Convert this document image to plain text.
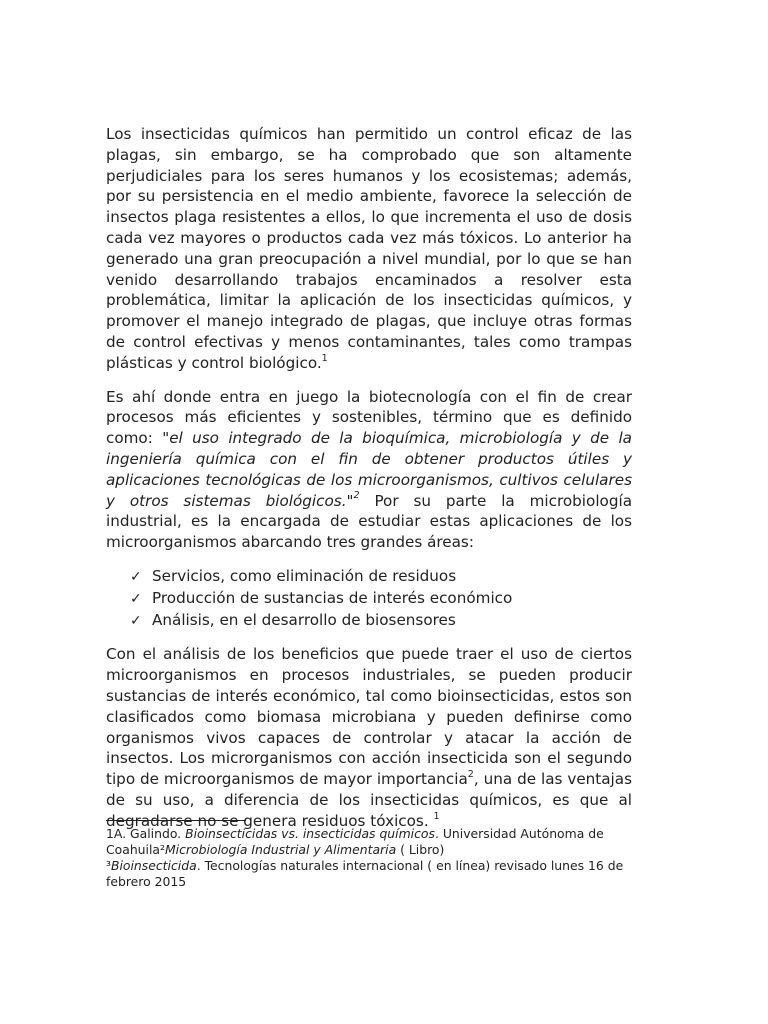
Los insecticidas químicos han permitido un control eficaz de las plagas, sin embargo, se ha comprobado que son altamente perjudiciales para los seres humanos y los ecosistemas; además, por su persistencia en el medio ambiente, favorece la selección de insectos plaga resistentes a ellos, lo que incrementa el uso de dosis cada vez mayores o productos cada vez más tóxicos. Lo anterior ha generado una gran preocupación a nivel mundial, por lo que se han venido desarrollando trabajos encaminados a resolver esta problemática, limitar la aplicación de los insecticidas químicos, y promover el manejo integrado de plagas, que incluye otras formas de control efectivas y menos contaminantes, tales como trampas plásticas y control biológico.$^1$

Es ahí donde entra en juego la biotecnología con el fin de crear procesos más eficientes y sostenibles, término que es definido como: "el uso integrado de la bioquímica, microbiología y de la ingeniería química con el fin de obtener productos útiles y aplicaciones tecnológicas de los microorganismos, cultivos celulares y otros sistemas biológicos."$^2$ Por su parte la microbiología industrial, es la encargada de estudiar estas aplicaciones de los microorganismos abarcando tres grandes áreas:

✓ Servicios, como eliminación de residuos
✓ Producción de sustancias de interés económico
✓ Análisis, en el desarrollo de biosensores

Con el análisis de los beneficios que puede traer el uso de ciertos microorganismos en procesos industriales, se pueden producir sustancias de interés económico, tal como bioinsecticidas, estos son clasificados como biomasa microbiana y pueden definirse como organismos vivos capaces de controlar y atacar la acción de insectos. Los microrganismos con acción insecticida son el segundo tipo de microorganismos de mayor importancia$^2$, una de las ventajas de su uso, a diferencia de los insecticidas químicos, es que al degradarse no se genera residuos tóxicos. $^1$

1A. Galindo. Bioinsecticidas vs. insecticidas químicos. Universidad Autónoma de Coahuila²Microbiología Industrial y Alimentaria ( Libro)
³Bioinsecticida. Tecnologías naturales internacional ( en línea) revisado lunes 16 de febrero 2015
